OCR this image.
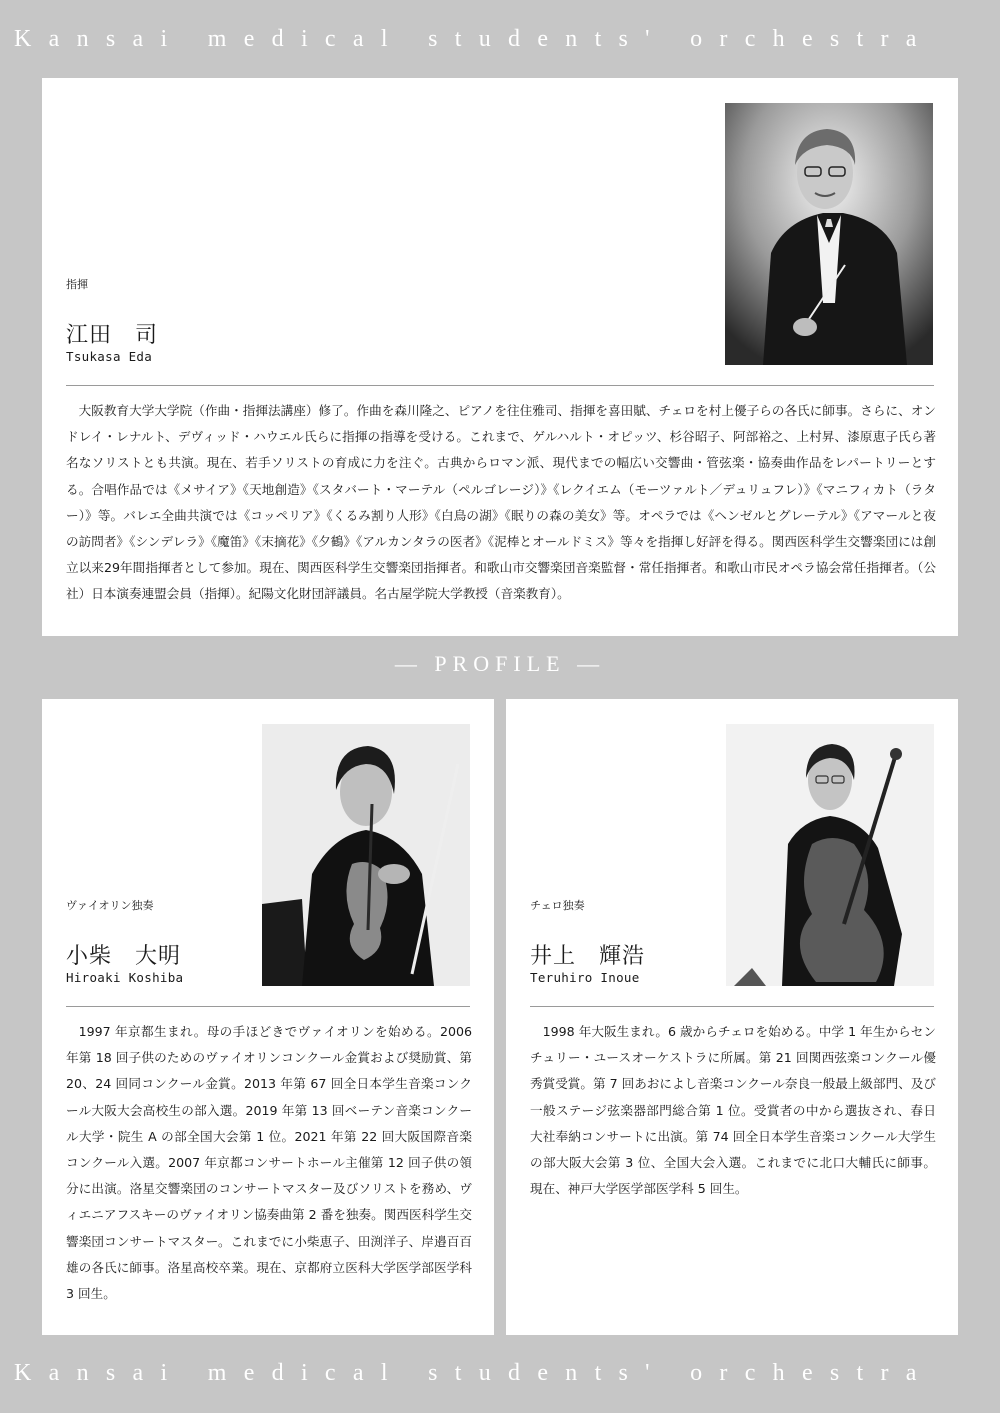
Kansai medical students' orchestra
指揮
江田　司
Tsukasa Eda

大阪教育大学大学院（作曲・指揮法講座）修了。作曲を森川隆之、ピアノを往住雅司、指揮を喜田賦、チェロを村上優子らの各氏に師事。さらに、オンドレイ・レナルト、デヴィッド・ハウエル氏らに指揮の指導を受ける。これまで、ゲルハルト・オピッツ、杉谷昭子、阿部裕之、上村昇、漆原恵子氏ら著名なソリストとも共演。現在、若手ソリストの育成に力を注ぐ。古典からロマン派、現代までの幅広い交響曲・管弦楽・協奏曲作品をレパートリーとする。合唱作品では《メサイア》《天地創造》《スタバート・マーテル（ペルゴレージ）》《レクイエム（モーツァルト／デュリュフレ）》《マニフィカト（ラター）》等。バレエ全曲共演では《コッペリア》《くるみ割り人形》《白鳥の湖》《眠りの森の美女》等。オペラでは《ヘンゼルとグレーテル》《アマールと夜の訪問者》《シンデレラ》《魔笛》《末摘花》《夕鶴》《アルカンタラの医者》《泥棒とオールドミス》等々を指揮し好評を得る。関西医科学生交響楽団には創立以来29年間指揮者として参加。現在、関西医科学生交響楽団指揮者。和歌山市交響楽団音楽監督・常任指揮者。和歌山市民オペラ協会常任指揮者。（公社）日本演奏連盟会員（指揮）。紀陽文化財団評議員。名古屋学院大学教授（音楽教育）。

— PROFILE —
ヴァイオリン独奏
小柴　大明
Hiroaki Koshiba

1997 年京都生まれ。母の手ほどきでヴァイオリンを始める。2006 年第 18 回子供のためのヴァイオリンコンクール金賞および奨励賞、第 20、24 回同コンクール金賞。2013 年第 67 回全日本学生音楽コンクール大阪大会高校生の部入選。2019 年第 13 回ベーテン音楽コンクール大学・院生 A の部全国大会第 1 位。2021 年第 22 回大阪国際音楽コンクール入選。2007 年京都コンサートホール主催第 12 回子供の領分に出演。洛星交響楽団のコンサートマスター及びソリストを務め、ヴィエニアフスキーのヴァイオリン協奏曲第 2 番を独奏。関西医科学生交響楽団コンサートマスター。これまでに小柴恵子、田渕洋子、岸邉百百雄の各氏に師事。洛星高校卒業。現在、京都府立医科大学医学部医学科 3 回生。

チェロ独奏
井上　輝浩
Teruhiro Inoue

1998 年大阪生まれ。6 歳からチェロを始める。中学 1 年生からセンチュリー・ユースオーケストラに所属。第 21 回関西弦楽コンクール優秀賞受賞。第 7 回あおによし音楽コンクール奈良一般最上級部門、及び一般ステージ弦楽器部門総合第 1 位。受賞者の中から選抜され、春日大社奉納コンサートに出演。第 74 回全日本学生音楽コンクール大学生の部大阪大会第 3 位、全国大会入選。これまでに北口大輔氏に師事。現在、神戸大学医学部医学科 5 回生。

Kansai medical students' orchestra
